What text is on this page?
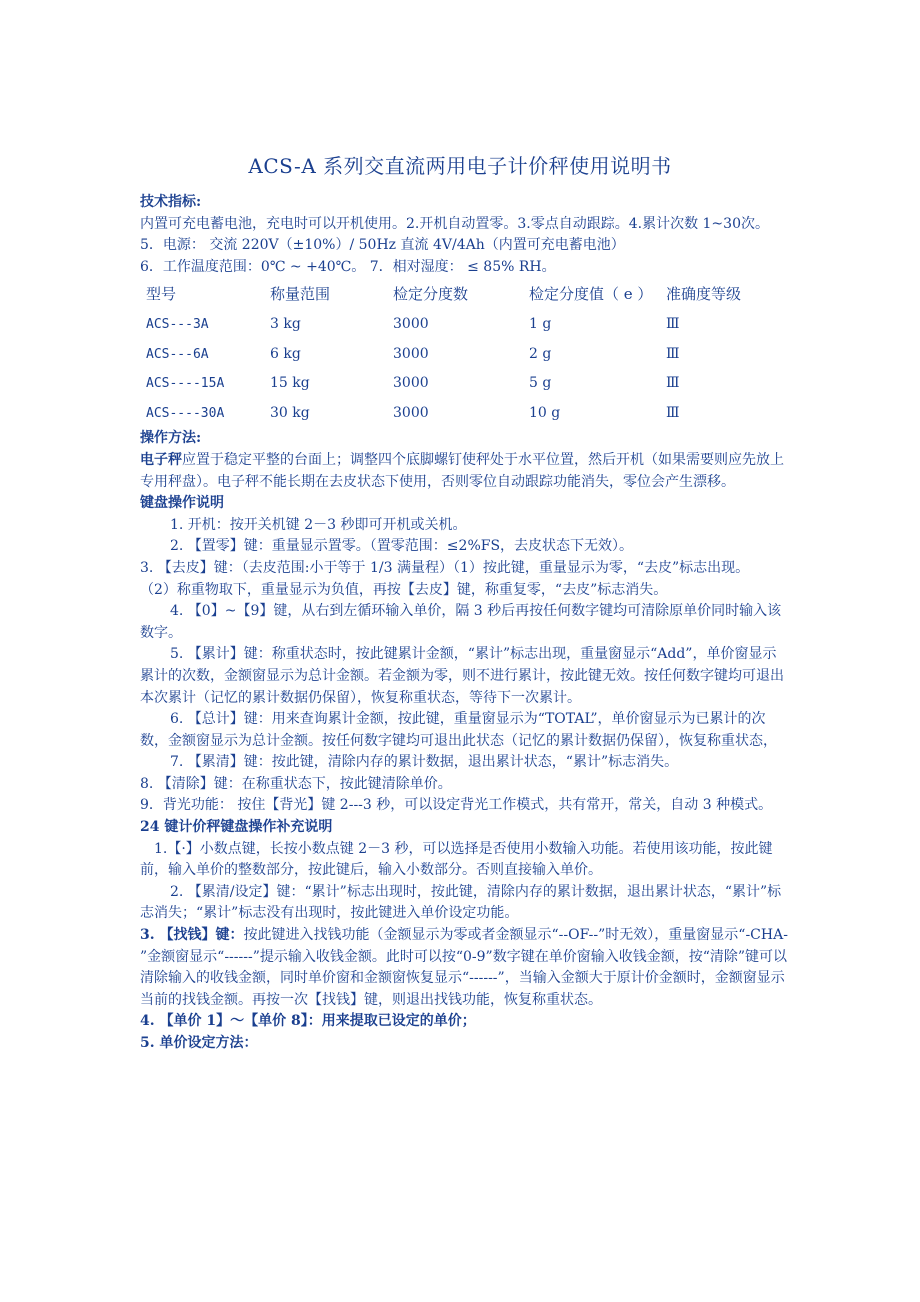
ACS-A 系列交直流两用电子计价秤使用说明书

技术指标:

内置可充电蓄电池，充电时可以开机使用。2.开机自动置零。3.零点自动跟踪。4.累计次数 1~30次。

5．电源： 交流 220V（±10%）/ 50Hz 直流 4V/4Ah（内置可充电蓄电池）

6．工作温度范围：0℃ ~ +40℃。 7．相对湿度： ≤ 85% RH。

型号	称量范围	检定分度数	检定分度值（ e ）	准确度等级
ACS---3A	3 kg	3000	1 g	Ⅲ
ACS---6A	6 kg	3000	2 g	Ⅲ
ACS----15A	15 kg	3000	5 g	Ⅲ
ACS----30A	30 kg	3000	10 g	Ⅲ

操作方法:

电子秤应置于稳定平整的台面上；调整四个底脚螺钉使秤处于水平位置，然后开机（如果需要则应先放上专用秤盘）。电子秤不能长期在去皮状态下使用，否则零位自动跟踪功能消失，零位会产生漂移。

键盘操作说明

1. 开机：按开关机键 2－3 秒即可开机或关机。

2. 【置零】键：重量显示置零。（置零范围：≤2%FS，去皮状态下无效）。

3. 【去皮】键：（去皮范围:小于等于 1/3 满量程）（1）按此键，重量显示为零，“去皮”标志出现。

（2）称重物取下，重量显示为负值，再按【去皮】键，称重复零，“去皮”标志消失。

4. 【0】~【9】键，从右到左循环输入单价，隔 3 秒后再按任何数字键均可清除原单价同时输入该数字。

5. 【累计】键：称重状态时，按此键累计金额，“累计”标志出现，重量窗显示“Add”，单价窗显示累计的次数，金额窗显示为总计金额。若金额为零，则不进行累计，按此键无效。按任何数字键均可退出本次累计（记忆的累计数据仍保留），恢复称重状态，等待下一次累计。

6. 【总计】键：用来查询累计金额，按此键，重量窗显示为“TOTAL”，单价窗显示为已累计的次数，金额窗显示为总计金额。按任何数字键均可退出此状态（记忆的累计数据仍保留），恢复称重状态，

7. 【累清】键：按此键，清除内存的累计数据，退出累计状态，“累计”标志消失。

8. 【清除】键：在称重状态下，按此键清除单价。

9．背光功能： 按住【背光】键 2---3 秒，可以设定背光工作模式，共有常开，常关，自动 3 种模式。

24 键计价秤键盘操作补充说明

1.【·】小数点键，长按小数点键 2－3 秒，可以选择是否使用小数输入功能。若使用该功能，按此键前，输入单价的整数部分，按此键后，输入小数部分。否则直接输入单价。

2. 【累清/设定】键：“累计”标志出现时，按此键，清除内存的累计数据，退出累计状态，“累计”标志消失；“累计”标志没有出现时，按此键进入单价设定功能。

3. 【找钱】键：按此键进入找钱功能（金额显示为零或者金额显示“--OF--”时无效），重量窗显示“-CHA- ”金额窗显示“------”提示输入收钱金额。此时可以按“0-9”数字键在单价窗输入收钱金额，按“清除”键可以清除输入的收钱金额，同时单价窗和金额窗恢复显示“------”，当输入金额大于原计价金额时，金额窗显示当前的找钱金额。再按一次【找钱】键，则退出找钱功能，恢复称重状态。

4. 【单价 1】～【单价 8】：用来提取已设定的单价；

5. 单价设定方法：
